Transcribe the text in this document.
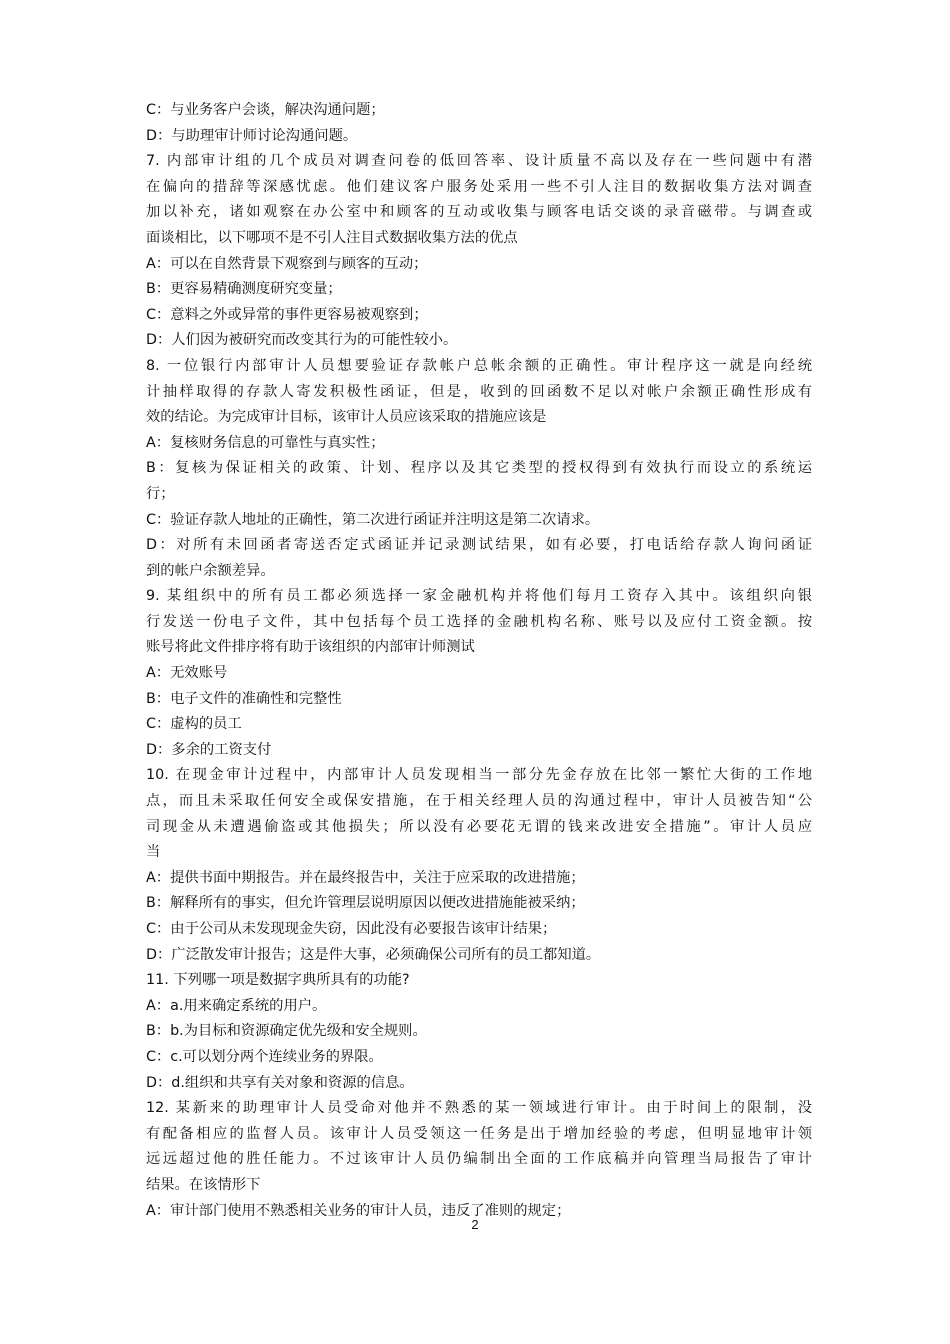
C：与业务客户会谈，解决沟通问题；
D：与助理审计师讨论沟通问题。
7. 内部审计组的几个成员对调查问卷的低回答率、设计质量不高以及存在一些问题中有潜
在偏向的措辞等深感忧虑。他们建议客户服务处采用一些不引人注目的数据收集方法对调查
加以补充，诸如观察在办公室中和顾客的互动或收集与顾客电话交谈的录音磁带。与调查或
面谈相比，以下哪项不是不引人注目式数据收集方法的优点
A：可以在自然背景下观察到与顾客的互动；
B：更容易精确测度研究变量；
C：意料之外或异常的事件更容易被观察到；
D：人们因为被研究而改变其行为的可能性较小。
8. 一位银行内部审计人员想要验证存款帐户总帐余额的正确性。审计程序这一就是向经统
计抽样取得的存款人寄发积极性函证，但是，收到的回函数不足以对帐户余额正确性形成有
效的结论。为完成审计目标，该审计人员应该采取的措施应该是
A：复核财务信息的可靠性与真实性；
B：复核为保证相关的政策、计划、程序以及其它类型的授权得到有效执行而设立的系统运
行；
C：验证存款人地址的正确性，第二次进行函证并注明这是第二次请求。
D：对所有未回函者寄送否定式函证并记录测试结果，如有必要，打电话给存款人询问函证
到的帐户余额差异。
9. 某组织中的所有员工都必须选择一家金融机构并将他们每月工资存入其中。该组织向银
行发送一份电子文件，其中包括每个员工选择的金融机构名称、账号以及应付工资金额。按
账号将此文件排序将有助于该组织的内部审计师测试
A：无效账号
B：电子文件的准确性和完整性
C：虚构的员工
D：多余的工资支付
10. 在现金审计过程中，内部审计人员发现相当一部分先金存放在比邻一繁忙大街的工作地
点，而且未采取任何安全或保安措施，在于相关经理人员的沟通过程中，审计人员被告知“公
司现金从未遭遇偷盗或其他损失；所以没有必要花无谓的钱来改进安全措施”。审计人员应
当
A：提供书面中期报告。并在最终报告中，关注于应采取的改进措施；
B：解释所有的事实，但允许管理层说明原因以便改进措施能被采纳；
C：由于公司从未发现现金失窃，因此没有必要报告该审计结果；
D：广泛散发审计报告；这是件大事，必须确保公司所有的员工都知道。
11. 下列哪一项是数据字典所具有的功能?
A：a.用来确定系统的用户。
B：b.为目标和资源确定优先级和安全规则。
C：c.可以划分两个连续业务的界限。
D：d.组织和共享有关对象和资源的信息。
12. 某新来的助理审计人员受命对他并不熟悉的某一领域进行审计。由于时间上的限制，没
有配备相应的监督人员。该审计人员受领这一任务是出于增加经验的考虑，但明显地审计领
远远超过他的胜任能力。不过该审计人员仍编制出全面的工作底稿并向管理当局报告了审计
结果。在该情形下
A：审计部门使用不熟悉相关业务的审计人员，违反了准则的规定；
2
